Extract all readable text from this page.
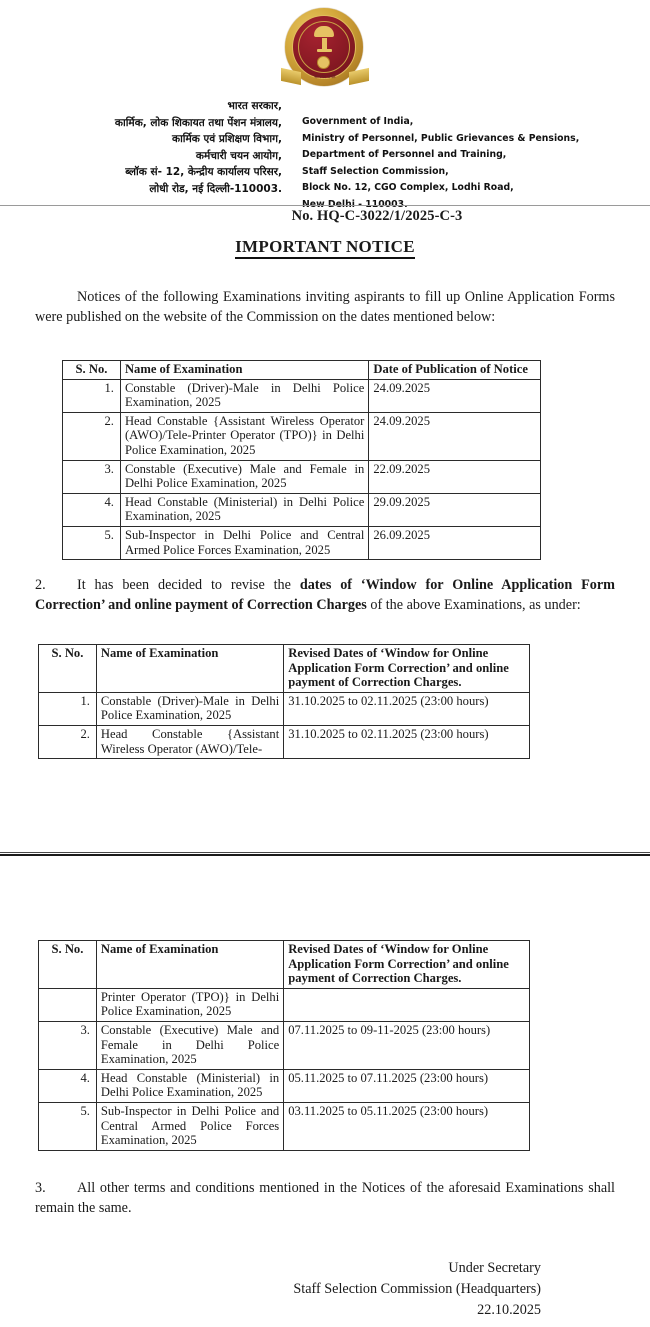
सत्यमेव जयते
भारत सरकार,
कार्मिक, लोक शिकायत तथा पेंशन मंत्रालय,
कार्मिक एवं प्रशिक्षण विभाग,
कर्मचारी चयन आयोग,
ब्लॉक सं- 12, केन्द्रीय कार्यालय परिसर,
लोधी रोड, नई दिल्ली-110003.
Government of India,
Ministry of Personnel, Public Grievances & Pensions,
Department of Personnel and Training,
Staff Selection Commission,
Block No. 12, CGO Complex, Lodhi Road,
New Delhi - 110003.
No. HQ-C-3022/1/2025-C-3
IMPORTANT NOTICE
Notices of the following Examinations inviting aspirants to fill up Online Application Forms were published on the website of the Commission on the dates mentioned below:
S. No.	Name of Examination	Date of Publication of Notice
1.	Constable (Driver)-Male in Delhi Police Examination, 2025	24.09.2025
2.	Head Constable {Assistant Wireless Operator (AWO)/Tele-Printer Operator (TPO)} in Delhi Police Examination, 2025	24.09.2025
3.	Constable (Executive) Male and Female in Delhi Police Examination, 2025	22.09.2025
4.	Head Constable (Ministerial) in Delhi Police Examination, 2025	29.09.2025
5.	Sub-Inspector in Delhi Police and Central Armed Police Forces Examination, 2025	26.09.2025
2. It has been decided to revise the dates of ‘Window for Online Application Form Correction’ and online payment of Correction Charges of the above Examinations, as under:
S. No.	Name of Examination	Revised Dates of ‘Window for Online Application Form Correction’ and online payment of Correction Charges.
1.	Constable (Driver)-Male in Delhi Police Examination, 2025	31.10.2025 to 02.11.2025 (23:00 hours)
2.	Head Constable {Assistant Wireless Operator (AWO)/Tele-	31.10.2025 to 02.11.2025 (23:00 hours)
S. No.	Name of Examination	Revised Dates of ‘Window for Online Application Form Correction’ and online payment of Correction Charges.
	Printer Operator (TPO)} in Delhi Police Examination, 2025	
3.	Constable (Executive) Male and Female in Delhi Police Examination, 2025	07.11.2025 to 09-11-2025 (23:00 hours)
4.	Head Constable (Ministerial) in Delhi Police Examination, 2025	05.11.2025 to 07.11.2025 (23:00 hours)
5.	Sub-Inspector in Delhi Police and Central Armed Police Forces Examination, 2025	03.11.2025 to 05.11.2025 (23:00 hours)
3. All other terms and conditions mentioned in the Notices of the aforesaid Examinations shall remain the same.
Under Secretary
Staff Selection Commission (Headquarters)
22.10.2025
